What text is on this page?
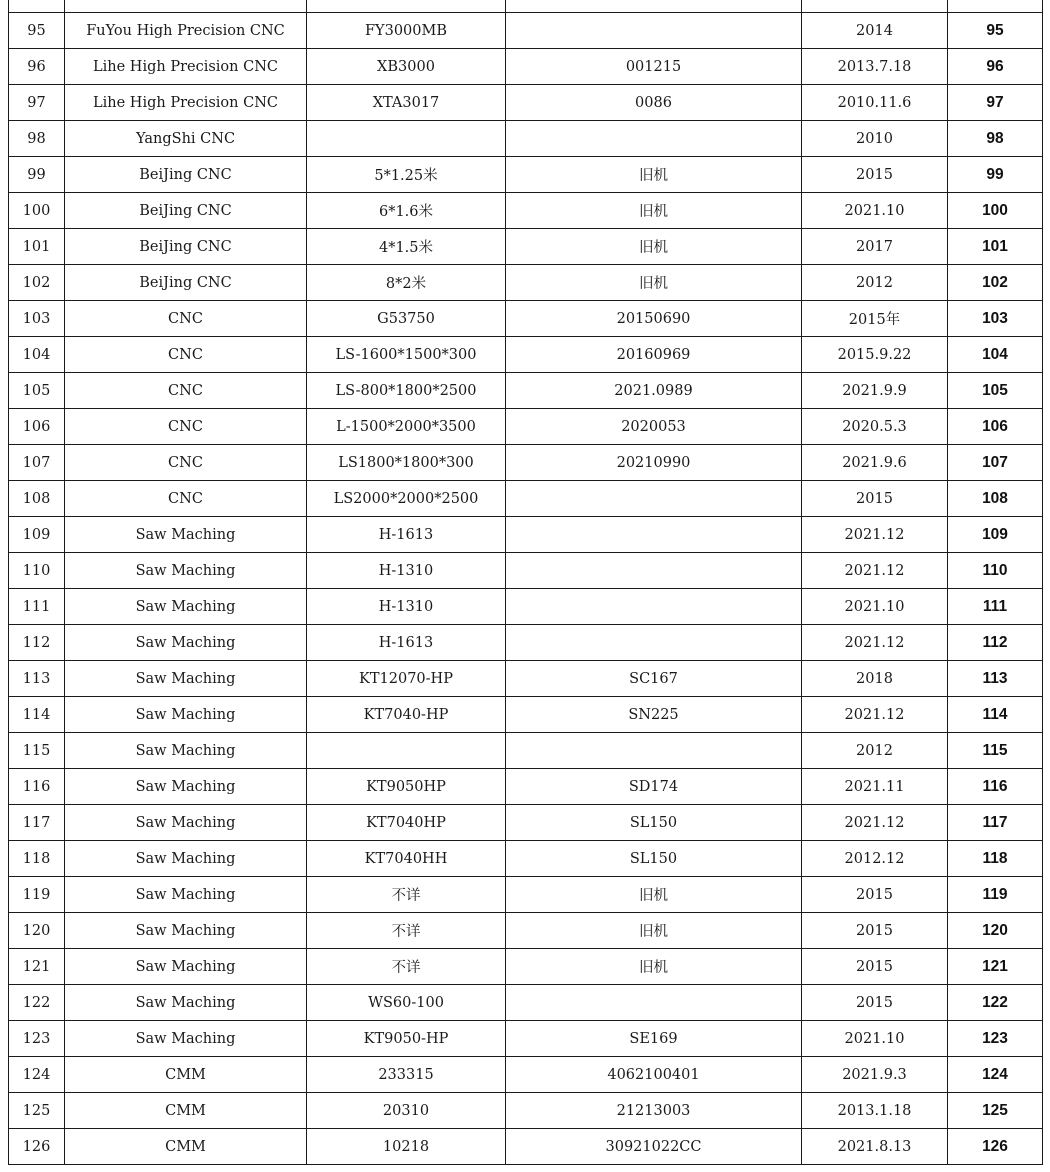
95	FuYou High Precision CNC	FY3000MB		2014	95
96	Lihe High Precision CNC	XB3000	001215	2013.7.18	96
97	Lihe High Precision CNC	XTA3017	0086	2010.11.6	97
98	YangShi CNC			2010	98
99	BeiJing CNC	5*1.25米	旧机	2015	99
100	BeiJing CNC	6*1.6米	旧机	2021.10	100
101	BeiJing CNC	4*1.5米	旧机	2017	101
102	BeiJing CNC	8*2米	旧机	2012	102
103	CNC	G53750	20150690	2015年	103
104	CNC	LS-1600*1500*300	20160969	2015.9.22	104
105	CNC	LS-800*1800*2500	2021.0989	2021.9.9	105
106	CNC	L-1500*2000*3500	2020053	2020.5.3	106
107	CNC	LS1800*1800*300	20210990	2021.9.6	107
108	CNC	LS2000*2000*2500		2015	108
109	Saw Maching	H-1613		2021.12	109
110	Saw Maching	H-1310		2021.12	110
111	Saw Maching	H-1310		2021.10	111
112	Saw Maching	H-1613		2021.12	112
113	Saw Maching	KT12070-HP	SC167	2018	113
114	Saw Maching	KT7040-HP	SN225	2021.12	114
115	Saw Maching			2012	115
116	Saw Maching	KT9050HP	SD174	2021.11	116
117	Saw Maching	KT7040HP	SL150	2021.12	117
118	Saw Maching	KT7040HH	SL150	2012.12	118
119	Saw Maching	不详	旧机	2015	119
120	Saw Maching	不详	旧机	2015	120
121	Saw Maching	不详	旧机	2015	121
122	Saw Maching	WS60-100		2015	122
123	Saw Maching	KT9050-HP	SE169	2021.10	123
124	CMM	233315	4062100401	2021.9.3	124
125	CMM	20310	21213003	2013.1.18	125
126	CMM	10218	30921022CC	2021.8.13	126
